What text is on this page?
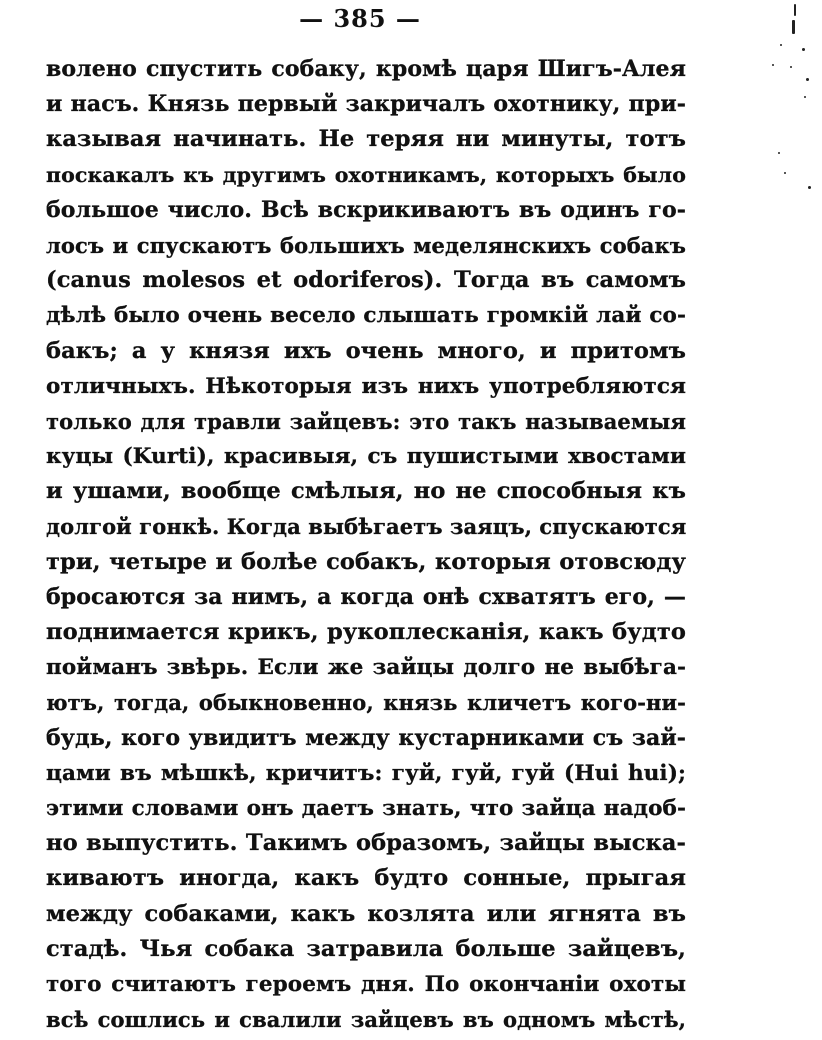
— 385 —
волено спустить собаку, кромѣ царя Шигъ-Алея
и насъ. Князь первый закричалъ охотнику, при-
казывая начинать. Не теряя ни минуты, тотъ
поскакалъ къ другимъ охотникамъ, которыхъ было
большое число. Всѣ вскрикиваютъ въ одинъ го-
лосъ и спускаютъ большихъ меделянскихъ собакъ
(canus molesos et odoriferos). Тогда въ самомъ
дѣлѣ было очень весело слышать громкій лай со-
бакъ; а у князя ихъ очень много, и притомъ
отличныхъ. Нѣкоторыя изъ нихъ употребляются
только для травли зайцевъ: это такъ называемыя
куцы (Kurti), красивыя, съ пушистыми хвостами
и ушами, вообще смѣлыя, но не способныя къ
долгой гонкѣ. Когда выбѣгаетъ заяцъ, спускаются
три, четыре и болѣе собакъ, которыя отовсюду
бросаются за нимъ, а когда онѣ схватятъ его, —
поднимается крикъ, рукоплесканія, какъ будто
пойманъ звѣрь. Если же зайцы долго не выбѣга-
ютъ, тогда, обыкновенно, князь кличетъ кого-ни-
будь, кого увидитъ между кустарниками съ зай-
цами въ мѣшкѣ, кричитъ: гуй, гуй, гуй (Hui hui);
этими словами онъ даетъ знать, что зайца надоб-
но выпустить. Такимъ образомъ, зайцы выска-
киваютъ иногда, какъ будто сонные, прыгая
между собаками, какъ козлята или ягнята въ
стадѣ. Чья собака затравила больше зайцевъ,
того считаютъ героемъ дня. По окончаніи охоты
всѣ сошлись и свалили зайцевъ въ одномъ мѣстѣ,
